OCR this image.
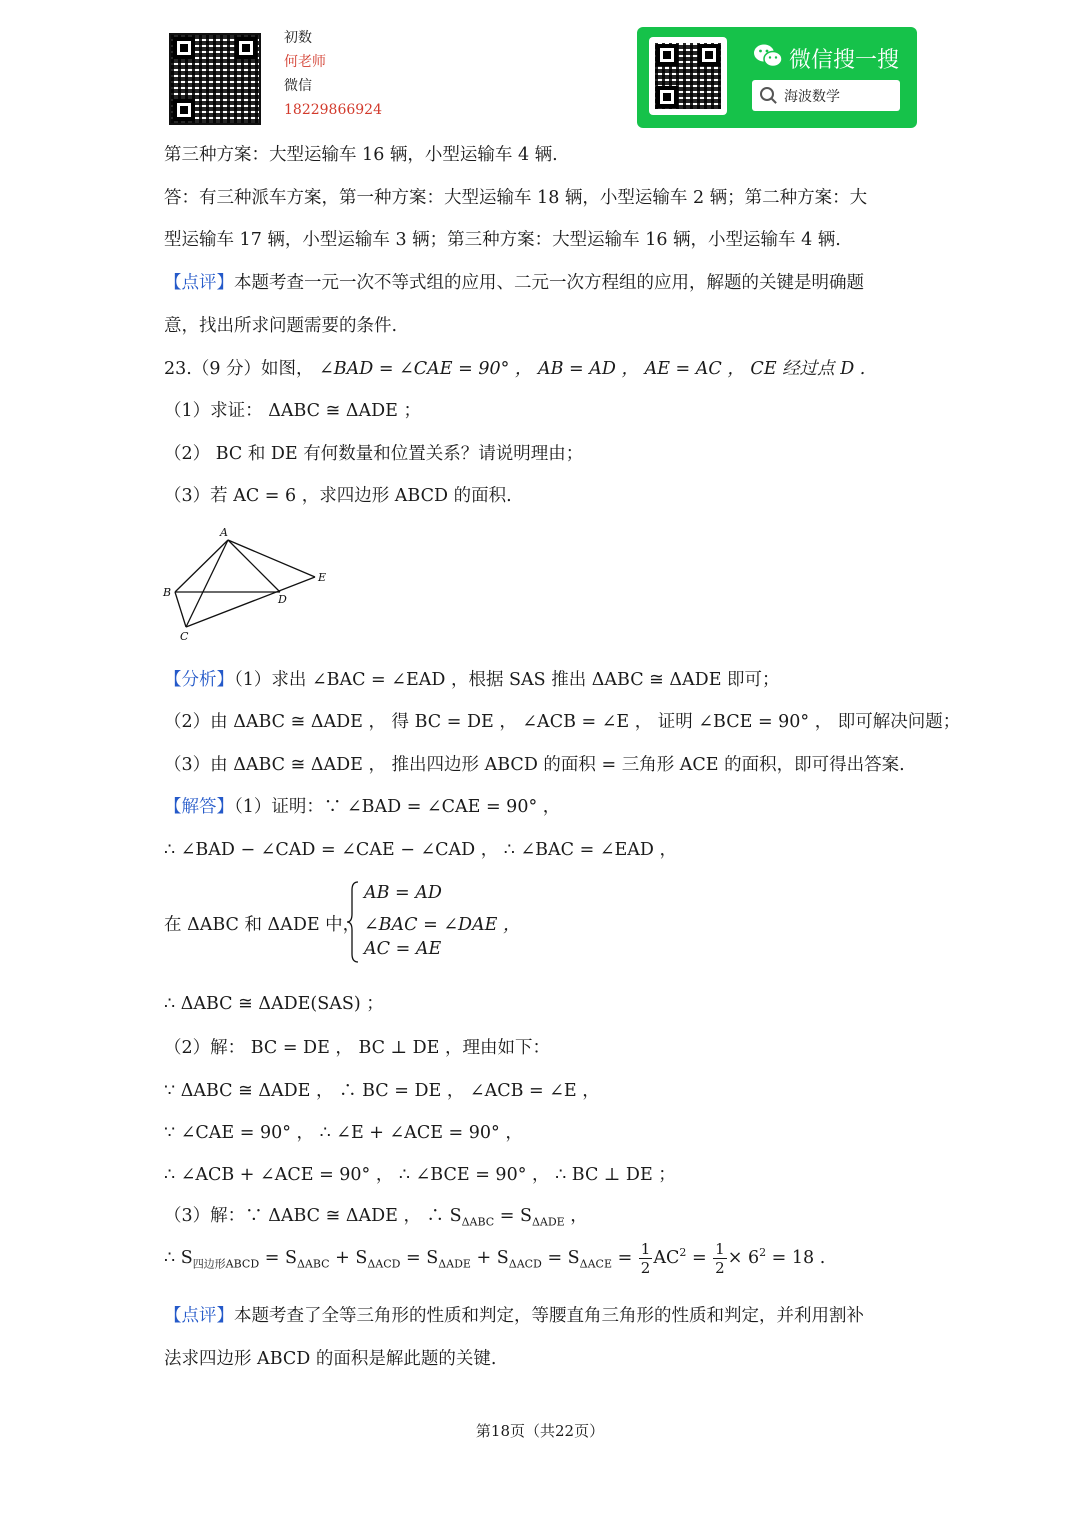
初数
何老师
微信
18229866924
微信搜一搜
海波数学
第三种方案：大型运输车 16 辆，小型运输车 4 辆.
答：有三种派车方案，第一种方案：大型运输车 18 辆，小型运输车 2 辆；第二种方案：大
型运输车 17 辆，小型运输车 3 辆；第三种方案：大型运输车 16 辆，小型运输车 4 辆.
【点评】本题考查一元一次不等式组的应用、二元一次方程组的应用，解题的关键是明确题
意，找出所求问题需要的条件.
23.（9 分）如图， ∠BAD = ∠CAE = 90° ， AB = AD ， AE = AC ， CE 经过点 D .
（1）求证： ΔABC ≅ ΔADE ；
（2） BC 和 DE 有何数量和位置关系？请说明理由；
（3）若 AC = 6 ，求四边形 ABCD 的面积.
A
B
C
D
E
【分析】（1）求出 ∠BAC = ∠EAD ，根据 SAS 推出 ΔABC ≅ ΔADE 即可；
（2）由 ΔABC ≅ ΔADE ， 得 BC = DE ， ∠ACB = ∠E ， 证明 ∠BCE = 90° ， 即可解决问题；
（3）由 ΔABC ≅ ΔADE ， 推出四边形 ABCD 的面积 = 三角形 ACE 的面积，即可得出答案.
【解答】（1）证明：∵ ∠BAD = ∠CAE = 90° ，
∴ ∠BAD − ∠CAD = ∠CAE − ∠CAD ， ∴ ∠BAC = ∠EAD ，
在 ΔABC 和 ΔADE 中，
AB = AD
∠BAC = ∠DAE ，
AC = AE
∴ ΔABC ≅ ΔADE(SAS) ；
（2）解： BC = DE ， BC ⊥ DE ，理由如下：
∵ ΔABC ≅ ΔADE ， ∴ BC = DE ， ∠ACB = ∠E ，
∵ ∠CAE = 90° ， ∴ ∠E + ∠ACE = 90° ，
∴ ∠ACB + ∠ACE = 90° ， ∴ ∠BCE = 90° ， ∴ BC ⊥ DE ；
（3）解：∵ ΔABC ≅ ΔADE ， ∴ $S_{\Delta ABC} = S_{\Delta ADE}$ ，
∴ $S_{四边形ABCD} = S_{\Delta ABC} + S_{\Delta ACD} = S_{\Delta ADE} + S_{\Delta ACD} = S_{\Delta ACE} = \frac{1}{2} AC^2 = \frac{1}{2} \times 6^2 = 18$ .
【点评】本题考查了全等三角形的性质和判定，等腰直角三角形的性质和判定，并利用割补
法求四边形 ABCD 的面积是解此题的关键.
第18页（共22页）
